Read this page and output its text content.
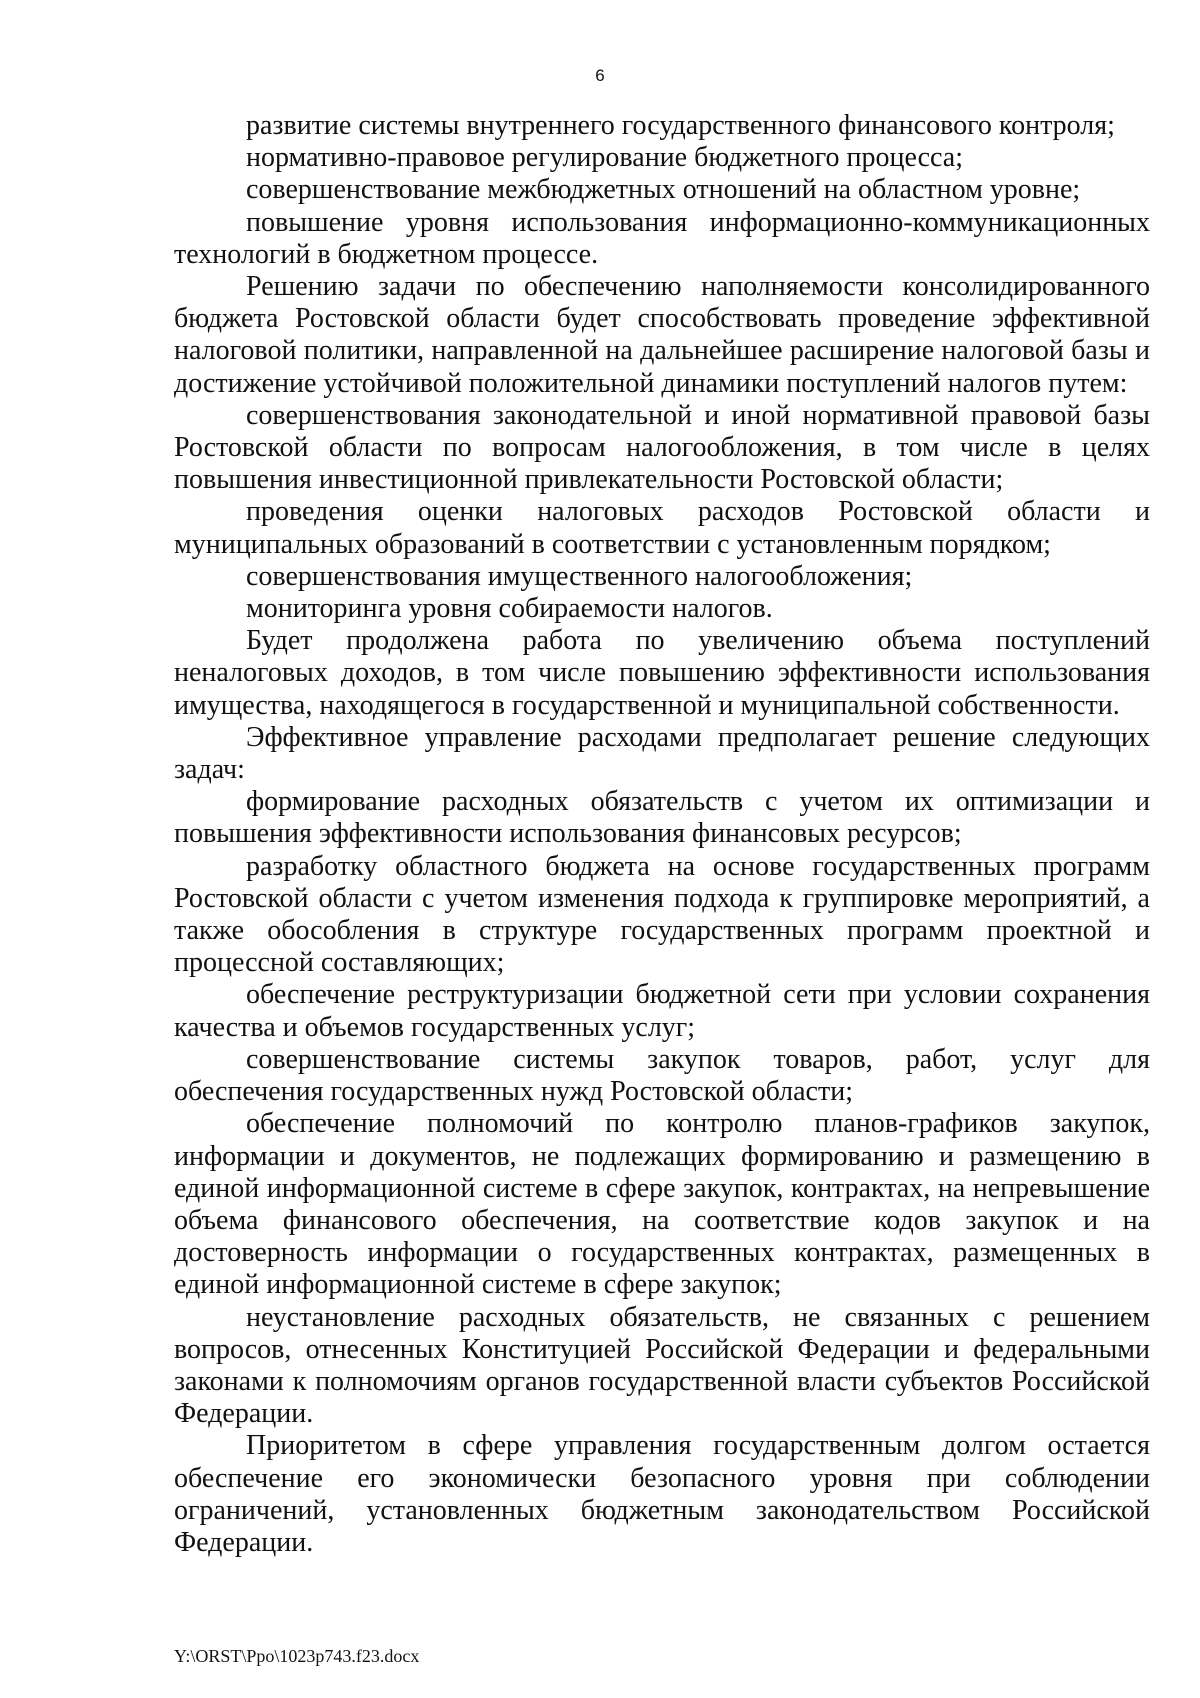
6

развитие системы внутреннего государственного финансового контроля;

нормативно-правовое регулирование бюджетного процесса;

совершенствование межбюджетных отношений на областном уровне;

повышение уровня использования информационно-коммуникационных технологий в бюджетном процессе.

Решению задачи по обеспечению наполняемости консолидированного бюджета Ростовской области будет способствовать проведение эффективной налоговой политики, направленной на дальнейшее расширение налоговой базы и достижение устойчивой положительной динамики поступлений налогов путем:

совершенствования законодательной и иной нормативной правовой базы Ростовской области по вопросам налогообложения, в том числе в целях повышения инвестиционной привлекательности Ростовской области;

проведения оценки налоговых расходов Ростовской области и муниципальных образований в соответствии с установленным порядком;

совершенствования имущественного налогообложения;

мониторинга уровня собираемости налогов.

Будет продолжена работа по увеличению объема поступлений неналоговых доходов, в том числе повышению эффективности использования имущества, находящегося в государственной и муниципальной собственности.

Эффективное управление расходами предполагает решение следующих задач:

формирование расходных обязательств с учетом их оптимизации и повышения эффективности использования финансовых ресурсов;

разработку областного бюджета на основе государственных программ Ростовской области с учетом изменения подхода к группировке мероприятий, а также обособления в структуре государственных программ проектной и процессной составляющих;

обеспечение реструктуризации бюджетной сети при условии сохранения качества и объемов государственных услуг;

совершенствование системы закупок товаров, работ, услуг для обеспечения государственных нужд Ростовской области;

обеспечение полномочий по контролю планов-графиков закупок, информации и документов, не подлежащих формированию и размещению в единой информационной системе в сфере закупок, контрактах, на непревышение объема финансового обеспечения, на соответствие кодов закупок и на достоверность информации о государственных контрактах, размещенных в единой информационной системе в сфере закупок;

неустановление расходных обязательств, не связанных с решением вопросов, отнесенных Конституцией Российской Федерации и федеральными законами к полномочиям органов государственной власти субъектов Российской Федерации.

Приоритетом в сфере управления государственным долгом остается обеспечение его экономически безопасного уровня при соблюдении ограничений, установленных бюджетным законодательством Российской Федерации.

Y:\ORST\Ppo\1023p743.f23.docx
